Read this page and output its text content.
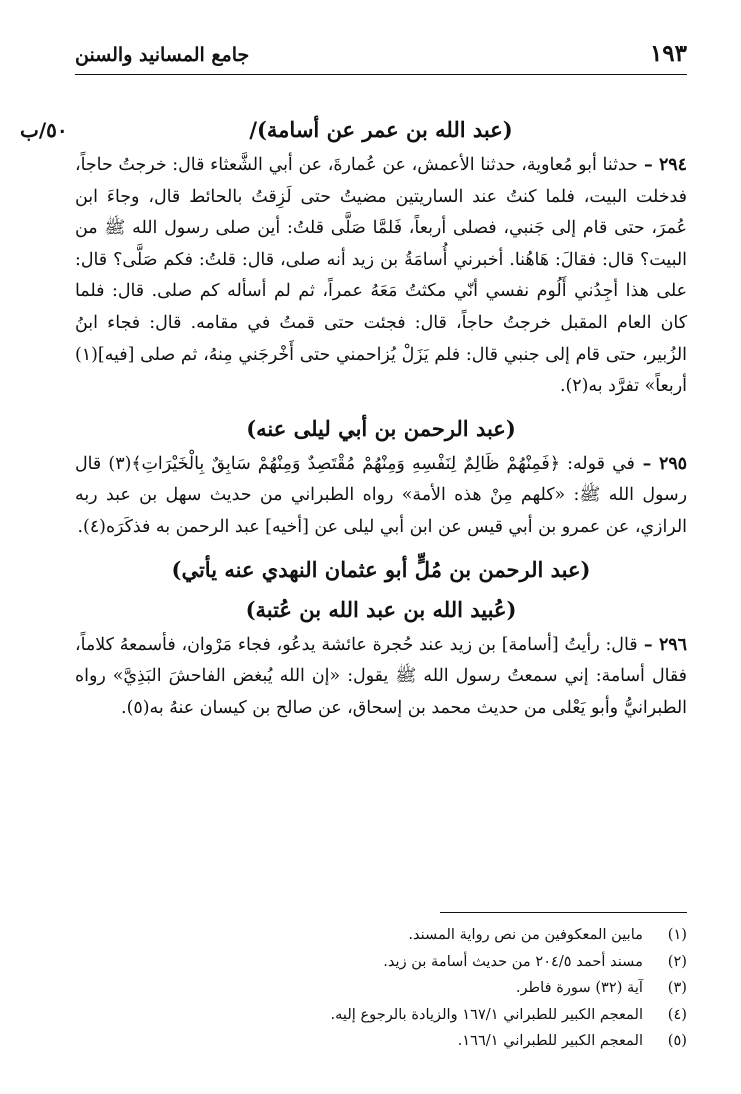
١٩٣
جامع المسانيد والسنن
٥٠/ب	(عبد الله بن عمر عن أسامة)/

٢٩٤ – حدثنا أبو مُعاوية، حدثنا الأعمش، عن عُمارةَ، عن أبي الشَّعثاء قال: خرجتُ حاجاً، فدخلت البيت، فلما كنتُ عند الساريتين مضيتُ حتى لَزِقتُ بالحائط قال، وجاءَ ابن عُمرَ، حتى قام إلى جَنبي، فصلى أربعاً، فَلمَّا صَلَّى قلتُ: أين صلى رسول الله ﷺ من البيت؟ قال: فقالَ: هَاهُنا. أخبرني أُسامَةُ بن زيد أنه صلى، قال: قلتُ: فكم صَلَّى؟ قال: على هذا أجِدُني أَلُوم نفسي أنّي مكثتُ مَعَهُ عمراً، ثم لم أسأله كم صلى. قال: فلما كان العام المقبل خرجتُ حاجاً، قال: فجئت حتى قمتُ في مقامه. قال: فجاء ابنُ الزُبير، حتى قام إلى جنبي قال: فلم يَزَلْ يُزاحمني حتى أَخْرجَني مِنهُ، ثم صلى [فيه](١) أربعاً» تفرَّد به(٢).

(عبد الرحمن بن أبي ليلى عنه)

٢٩٥ – في قوله: ﴿فَمِنْهُمْ ظَالِمٌ لِنَفْسِهِ وَمِنْهُمْ مُقْتَصِدٌ وَمِنْهُمْ سَابِقٌ بِالْخَيْرَاتِ﴾(٣) قال رسول الله ﷺ: «كلهم مِنْ هذه الأمة» رواه الطبراني من حديث سهل بن عبد ربه الرازي، عن عمرو بن أبي قيس عن ابن أبي ليلى عن [أخيه] عبد الرحمن به فذكَرَه(٤).

(عبد الرحمن بن مُلٍّ أبو عثمان النهدي عنه يأتي)

(عُبيد الله بن عبد الله بن عُتبة)

٢٩٦ – قال: رأيتُ [أسامة] بن زيد عند حُجرة عائشة يدعُو، فجاء مَرْوان، فأسمعهُ كلاماً، فقال أسامة: إني سمعتُ رسول الله ﷺ يقول: «إن الله يُبغض الفاحشَ البَذِيَّ» رواه الطبرانيُّ وأبو يَعْلى من حديث محمد بن إسحاق، عن صالح بن كيسان عنهُ به(٥).

(١)مابين المعكوفين من نص رواية المسند.
(٢)مسند أحمد ٢٠٤/٥ من حديث أسامة بن زيد.
(٣)آية (٣٢) سورة فاطر.
(٤)المعجم الكبير للطبراني ١٦٧/١ والزيادة بالرجوع إليه.
(٥)المعجم الكبير للطبراني ١٦٦/١.
